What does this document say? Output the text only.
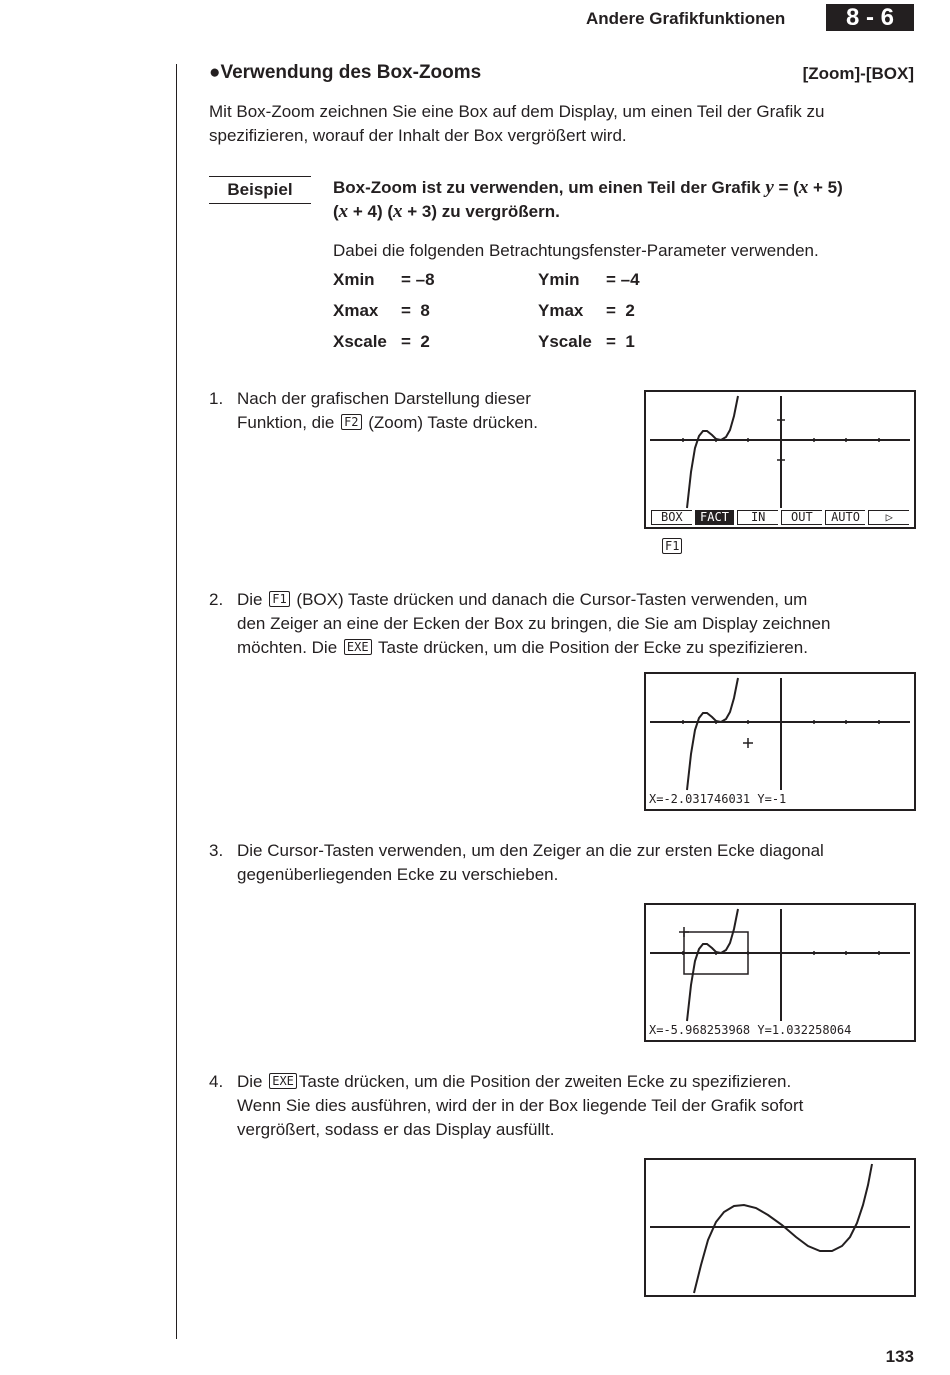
Andere Grafikfunktionen	8 - 6
●Verwendung des Box-Zooms	[Zoom]-[BOX]
Mit Box-Zoom zeichnen Sie eine Box auf dem Display, um einen Teil der Grafik zu
spezifizieren, worauf der Inhalt der Box vergrößert wird.
Beispiel	Box-Zoom ist zu verwenden, um einen Teil der Grafik y = (x + 5)
(x + 4) (x + 3) zu vergrößern.
Dabei die folgenden Betrachtungsfenster-Parameter verwenden.
Xmin = –8	Ymin = –4
Xmax =  8	Ymax =  2
Xscale =  2	Yscale =  1
1. Nach der grafischen Darstellung dieser
Funktion, die F2 (Zoom) Taste drücken.
BOX	FACT	IN	OUT	AUTO	▷
F1
2. Die F1 (BOX) Taste drücken und danach die Cursor-Tasten verwenden, um
den Zeiger an eine der Ecken der Box zu bringen, die Sie am Display zeichnen
möchten. Die EXE Taste drücken, um die Position der Ecke zu spezifizieren.
X=-2.031746031 Y=-1
3. Die Cursor-Tasten verwenden, um den Zeiger an die zur ersten Ecke diagonal
gegenüberliegenden Ecke zu verschieben.
X=-5.968253968 Y=1.032258064
4. Die EXE Taste drücken, um die Position der zweiten Ecke zu spezifizieren.
Wenn Sie dies ausführen, wird der in der Box liegende Teil der Grafik sofort
vergrößert, sodass er das Display ausfüllt.
133
